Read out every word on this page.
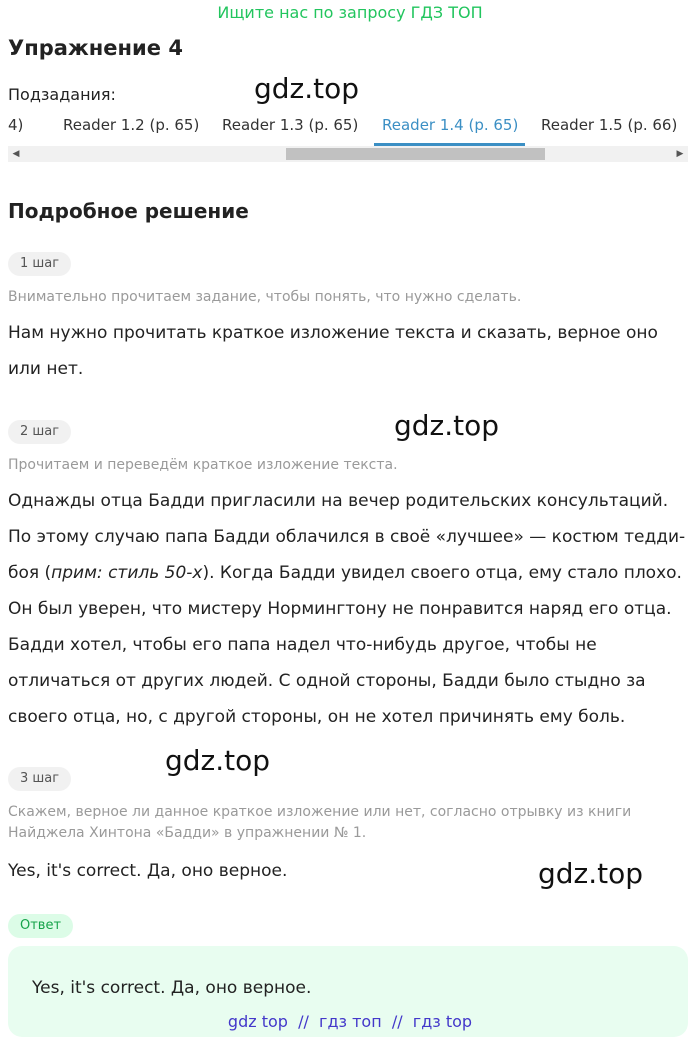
Ищите нас по запросу ГДЗ ТОП
Упражнение 4
Подзадания:	gdz.top
4)	Reader 1.2 (p. 65) Reader 1.3 (p. 65) Reader 1.4 (p. 65) Reader 1.5 (p. 66)
◀	▶
Подробное решение
1 шаг
Внимательно прочитаем задание, чтобы понять, что нужно сделать.
Нам нужно прочитать краткое изложение текста и сказать, верное оно или нет.
gdz.top
2 шаг
Прочитаем и переведём краткое изложение текста.
Однажды отца Бадди пригласили на вечер родительских консультаций. По этому случаю папа Бадди облачился в своё «лучшее» — костюм тедди-боя (прим: стиль 50-х). Когда Бадди увидел своего отца, ему стало плохо. Он был уверен, что мистеру Нормингтону не понравится наряд его отца. Бадди хотел, чтобы его папа надел что-нибудь другое, чтобы не отличаться от других людей. С одной стороны, Бадди было стыдно за своего отца, но, с другой стороны, он не хотел причинять ему боль.
gdz.top
3 шаг
Скажем, верное ли данное краткое изложение или нет, согласно отрывку из книги Найджела Хинтона «Бадди» в упражнении № 1.
Yes, it's correct. Да, оно верное.	gdz.top
Ответ
Yes, it's correct. Да, оно верное.
gdz top  //  гдз топ  //  гдз top
